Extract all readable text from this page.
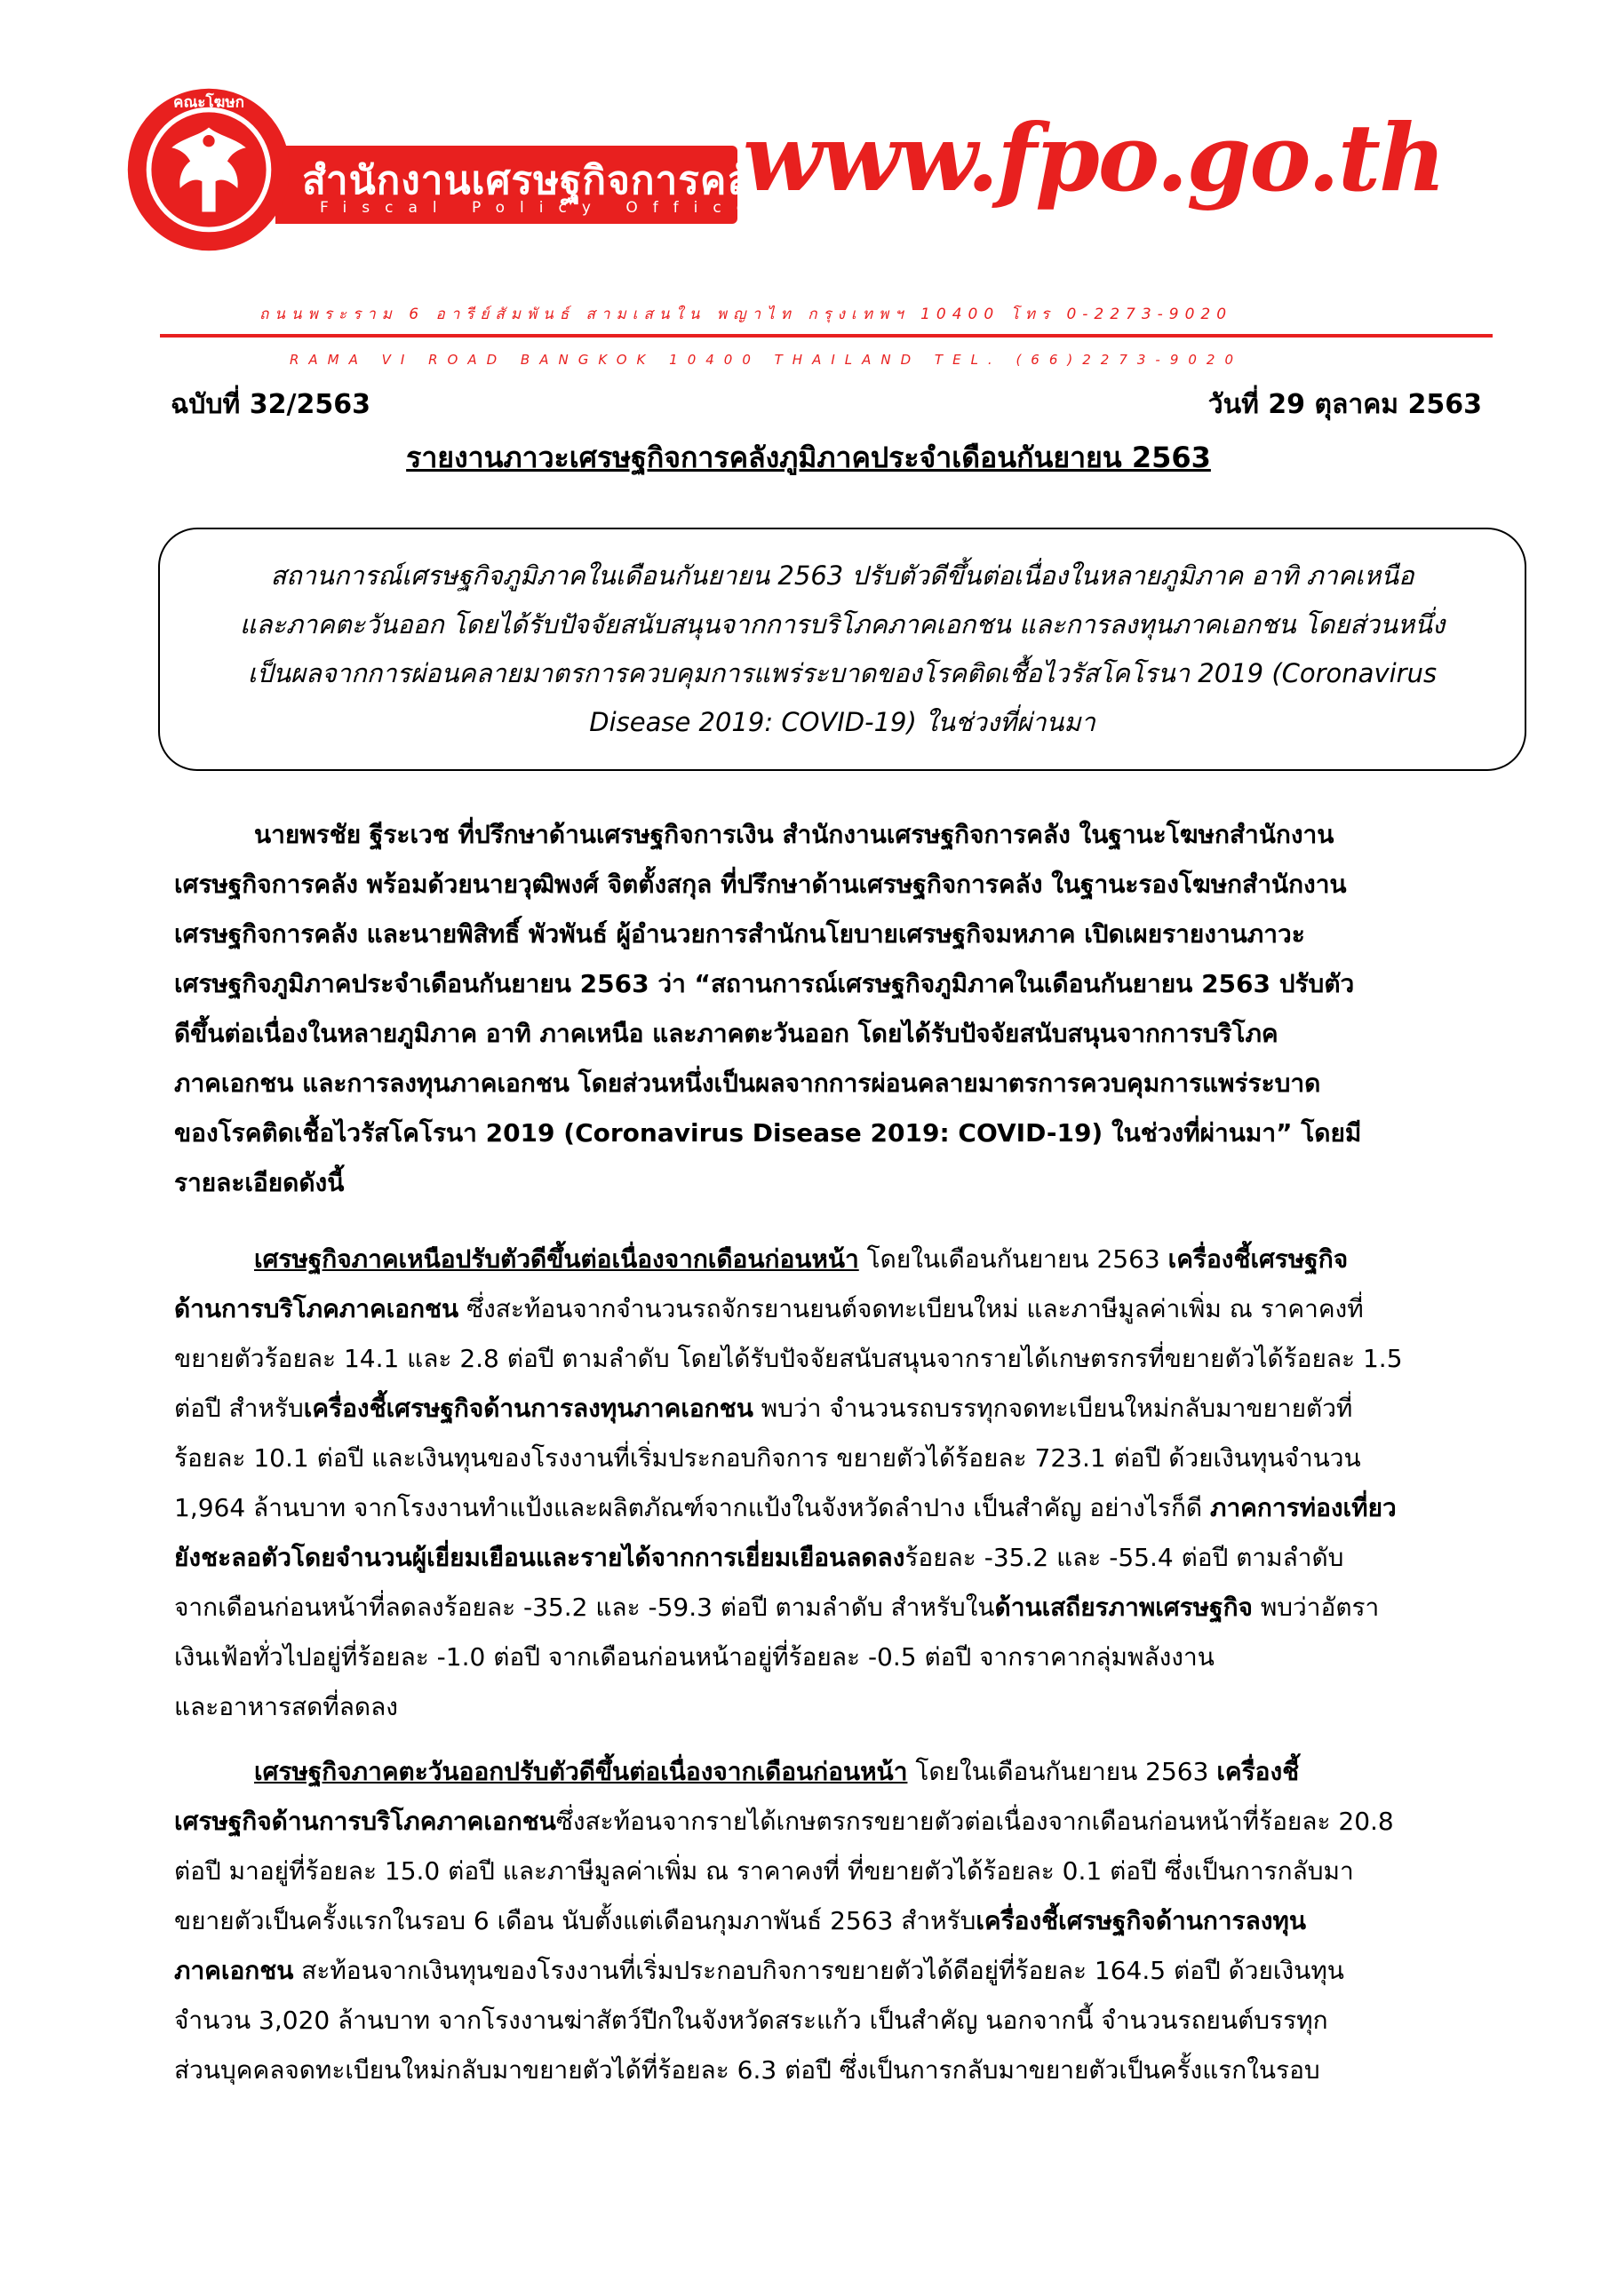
คณะโฆษก
สำนักงานเศรษฐกิจการคลัง
Fiscal Policy Office
www.fpo.go.th
ถนนพระราม 6 อารีย์สัมพันธ์ สามเสนใน พญาไท กรุงเทพฯ 10400 โทร 0-2273-9020
RAMA VI ROAD BANGKOK 10400 THAILAND TEL. (66)2273-9020
ฉบับที่ 32/2563	วันที่ 29 ตุลาคม 2563
รายงานภาวะเศรษฐกิจการคลังภูมิภาคประจำเดือนกันยายน 2563
สถานการณ์เศรษฐกิจภูมิภาคในเดือนกันยายน 2563 ปรับตัวดีขึ้นต่อเนื่องในหลายภูมิภาค อาทิ ภาคเหนือ
และภาคตะวันออก โดยได้รับปัจจัยสนับสนุนจากการบริโภคภาคเอกชน และการลงทุนภาคเอกชน โดยส่วนหนึ่ง
เป็นผลจากการผ่อนคลายมาตรการควบคุมการแพร่ระบาดของโรคติดเชื้อไวรัสโคโรนา 2019 (Coronavirus
Disease 2019: COVID-19) ในช่วงที่ผ่านมา
นายพรชัย ฐีระเวช ที่ปรึกษาด้านเศรษฐกิจการเงิน สำนักงานเศรษฐกิจการคลัง ในฐานะโฆษกสำนักงาน
เศรษฐกิจการคลัง พร้อมด้วยนายวุฒิพงศ์ จิตตั้งสกุล ที่ปรึกษาด้านเศรษฐกิจการคลัง ในฐานะรองโฆษกสำนักงาน
เศรษฐกิจการคลัง และนายพิสิทธิ์ พัวพันธ์ ผู้อำนวยการสำนักนโยบายเศรษฐกิจมหภาค เปิดเผยรายงานภาวะ
เศรษฐกิจภูมิภาคประจำเดือนกันยายน 2563 ว่า “สถานการณ์เศรษฐกิจภูมิภาคในเดือนกันยายน 2563 ปรับตัว
ดีขึ้นต่อเนื่องในหลายภูมิภาค อาทิ ภาคเหนือ และภาคตะวันออก โดยได้รับปัจจัยสนับสนุนจากการบริโภค
ภาคเอกชน และการลงทุนภาคเอกชน โดยส่วนหนึ่งเป็นผลจากการผ่อนคลายมาตรการควบคุมการแพร่ระบาด
ของโรคติดเชื้อไวรัสโคโรนา 2019 (Coronavirus Disease 2019: COVID-19) ในช่วงที่ผ่านมา” โดยมี
รายละเอียดดังนี้
เศรษฐกิจภาคเหนือปรับตัวดีขึ้นต่อเนื่องจากเดือนก่อนหน้า โดยในเดือนกันยายน 2563 เครื่องชี้เศรษฐกิจ
ด้านการบริโภคภาคเอกชน ซึ่งสะท้อนจากจำนวนรถจักรยานยนต์จดทะเบียนใหม่ และภาษีมูลค่าเพิ่ม ณ ราคาคงที่
ขยายตัวร้อยละ 14.1 และ 2.8 ต่อปี ตามลำดับ โดยได้รับปัจจัยสนับสนุนจากรายได้เกษตรกรที่ขยายตัวได้ร้อยละ 1.5
ต่อปี สำหรับเครื่องชี้เศรษฐกิจด้านการลงทุนภาคเอกชน พบว่า จำนวนรถบรรทุกจดทะเบียนใหม่กลับมาขยายตัวที่
ร้อยละ 10.1 ต่อปี และเงินทุนของโรงงานที่เริ่มประกอบกิจการ ขยายตัวได้ร้อยละ 723.1 ต่อปี ด้วยเงินทุนจำนวน
1,964 ล้านบาท จากโรงงานทำแป้งและผลิตภัณฑ์จากแป้งในจังหวัดลำปาง เป็นสำคัญ อย่างไรก็ดี ภาคการท่องเที่ยว
ยังชะลอตัวโดยจำนวนผู้เยี่ยมเยือนและรายได้จากการเยี่ยมเยือนลดลงร้อยละ -35.2 และ -55.4 ต่อปี ตามลำดับ
จากเดือนก่อนหน้าที่ลดลงร้อยละ -35.2 และ -59.3 ต่อปี ตามลำดับ สำหรับในด้านเสถียรภาพเศรษฐกิจ พบว่าอัตรา
เงินเฟ้อทั่วไปอยู่ที่ร้อยละ -1.0 ต่อปี จากเดือนก่อนหน้าอยู่ที่ร้อยละ -0.5 ต่อปี จากราคากลุ่มพลังงาน
และอาหารสดที่ลดลง
เศรษฐกิจภาคตะวันออกปรับตัวดีขึ้นต่อเนื่องจากเดือนก่อนหน้า โดยในเดือนกันยายน 2563 เครื่องชี้
เศรษฐกิจด้านการบริโภคภาคเอกชนซึ่งสะท้อนจากรายได้เกษตรกรขยายตัวต่อเนื่องจากเดือนก่อนหน้าที่ร้อยละ 20.8
ต่อปี มาอยู่ที่ร้อยละ 15.0 ต่อปี และภาษีมูลค่าเพิ่ม ณ ราคาคงที่ ที่ขยายตัวได้ร้อยละ 0.1 ต่อปี ซึ่งเป็นการกลับมา
ขยายตัวเป็นครั้งแรกในรอบ 6 เดือน นับตั้งแต่เดือนกุมภาพันธ์ 2563 สำหรับเครื่องชี้เศรษฐกิจด้านการลงทุน
ภาคเอกชน สะท้อนจากเงินทุนของโรงงานที่เริ่มประกอบกิจการขยายตัวได้ดีอยู่ที่ร้อยละ 164.5 ต่อปี ด้วยเงินทุน
จำนวน 3,020 ล้านบาท จากโรงงานฆ่าสัตว์ปีกในจังหวัดสระแก้ว เป็นสำคัญ นอกจากนี้ จำนวนรถยนต์บรรทุก
ส่วนบุคคลจดทะเบียนใหม่กลับมาขยายตัวได้ที่ร้อยละ 6.3 ต่อปี ซึ่งเป็นการกลับมาขยายตัวเป็นครั้งแรกในรอบ
